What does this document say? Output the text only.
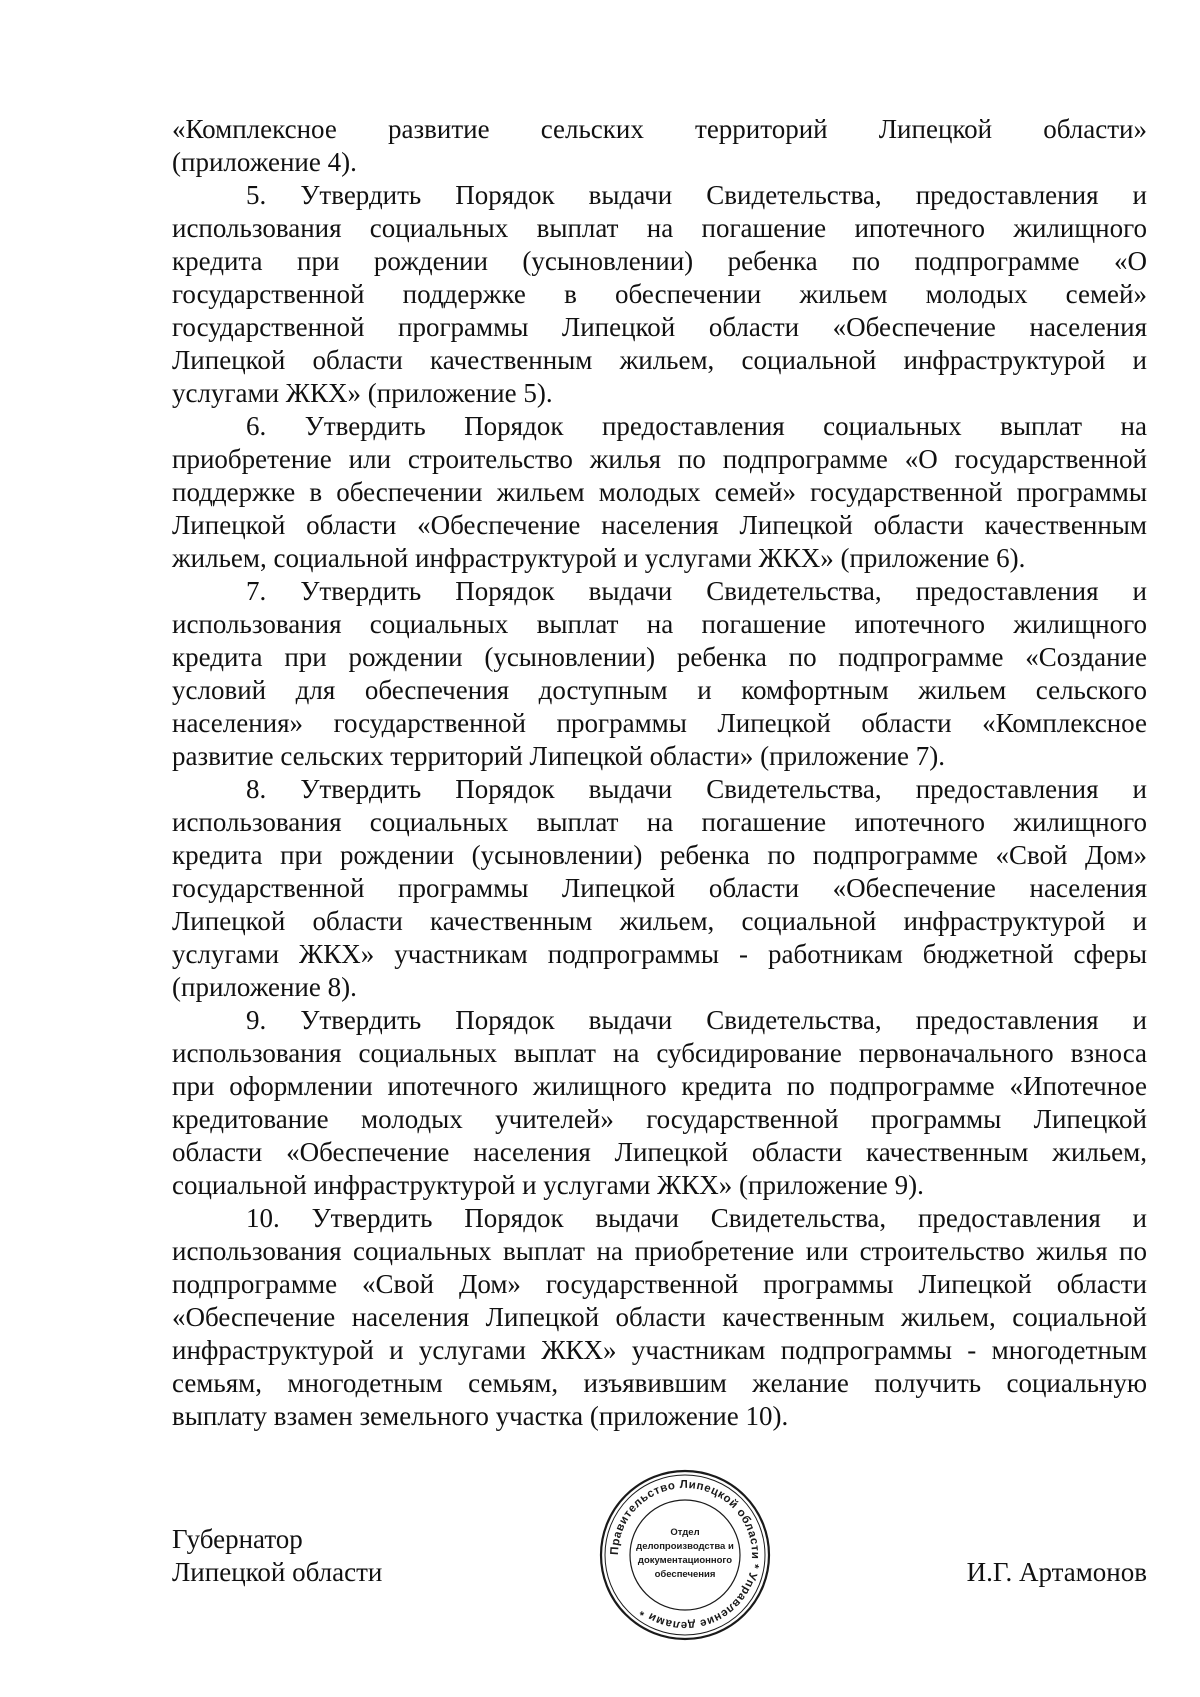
«Комплексное развитие сельских территорий Липецкой области»
(приложение 4).
5. Утвердить Порядок выдачи Свидетельства, предоставления и
использования социальных выплат на погашение ипотечного жилищного
кредита при рождении (усыновлении) ребенка по подпрограмме «О
государственной поддержке в обеспечении жильем молодых семей»
государственной программы Липецкой области «Обеспечение населения
Липецкой области качественным жильем, социальной инфраструктурой и
услугами ЖКХ» (приложение 5).
6. Утвердить Порядок предоставления социальных выплат на
приобретение или строительство жилья по подпрограмме «О государственной
поддержке в обеспечении жильем молодых семей» государственной программы
Липецкой области «Обеспечение населения Липецкой области качественным
жильем, социальной инфраструктурой и услугами ЖКХ» (приложение 6).
7. Утвердить Порядок выдачи Свидетельства, предоставления и
использования социальных выплат на погашение ипотечного жилищного
кредита при рождении (усыновлении) ребенка по подпрограмме «Создание
условий для обеспечения доступным и комфортным жильем сельского
населения» государственной программы Липецкой области «Комплексное
развитие сельских территорий Липецкой области» (приложение 7).
8. Утвердить Порядок выдачи Свидетельства, предоставления и
использования социальных выплат на погашение ипотечного жилищного
кредита при рождении (усыновлении) ребенка по подпрограмме «Свой Дом»
государственной программы Липецкой области «Обеспечение населения
Липецкой области качественным жильем, социальной инфраструктурой и
услугами ЖКХ» участникам подпрограммы - работникам бюджетной сферы
(приложение 8).
9. Утвердить Порядок выдачи Свидетельства, предоставления и
использования социальных выплат на субсидирование первоначального взноса
при оформлении ипотечного жилищного кредита по подпрограмме «Ипотечное
кредитование молодых учителей» государственной программы Липецкой
области «Обеспечение населения Липецкой области качественным жильем,
социальной инфраструктурой и услугами ЖКХ» (приложение 9).
10. Утвердить Порядок выдачи Свидетельства, предоставления и
использования социальных выплат на приобретение или строительство жилья по
подпрограмме «Свой Дом» государственной программы Липецкой области
«Обеспечение населения Липецкой области качественным жильем, социальной
инфраструктурой и услугами ЖКХ» участникам подпрограммы - многодетным
семьям, многодетным семьям, изъявившим желание получить социальную
выплату взамен земельного участка (приложение 10).
Губернатор
Липецкой области	И.Г. Артамонов
Правительство Липецкой области * Управление делами *
Отдел
делопроизводства и
документационного
обеспечения
